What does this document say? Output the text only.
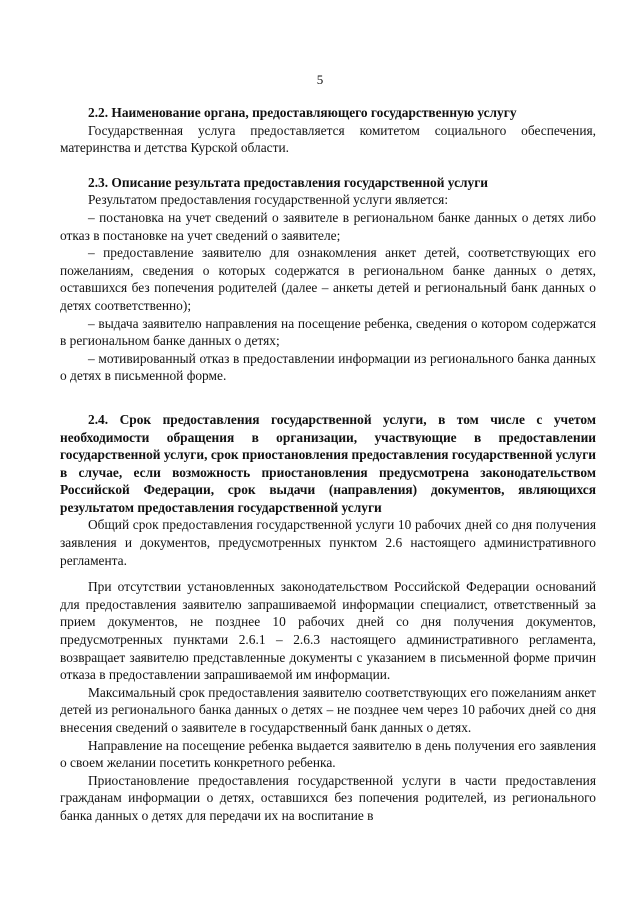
5
2.2. Наименование органа, предоставляющего государственную услугу

Государственная услуга предоставляется комитетом социального обеспечения, материнства и детства Курской области.

2.3. Описание результата предоставления государственной услуги

Результатом предоставления государственной услуги является:

– постановка на учет сведений о заявителе в региональном банке данных о детях либо отказ в постановке на учет сведений о заявителе;

– предоставление заявителю для ознакомления анкет детей, соответствующих его пожеланиям, сведения о которых содержатся в региональном банке данных о детях, оставшихся без попечения родителей (далее – анкеты детей и региональный банк данных о детях соответственно);

– выдача заявителю направления на посещение ребенка, сведения о котором содержатся в региональном банке данных о детях;

– мотивированный отказ в предоставлении информации из регионального банка данных о детях в письменной форме.

2.4. Срок предоставления государственной услуги, в том числе с учетом необходимости обращения в организации, участвующие в предоставлении государственной услуги, срок приостановления предоставления государственной услуги в случае, если возможность приостановления предусмотрена законодательством Российской Федерации, срок выдачи (направления) документов, являющихся результатом предоставления государственной услуги

Общий срок предоставления государственной услуги 10 рабочих дней со дня получения заявления и документов, предусмотренных пунктом 2.6 настоящего административного регламента.

При отсутствии установленных законодательством Российской Федерации оснований для предоставления заявителю запрашиваемой информации специалист, ответственный за прием документов, не позднее 10 рабочих дней со дня получения документов, предусмотренных пунктами 2.6.1 – 2.6.3 настоящего административного регламента, возвращает заявителю представленные документы с указанием в письменной форме причин отказа в предоставлении запрашиваемой им информации.

Максимальный срок предоставления заявителю соответствующих его пожеланиям анкет детей из регионального банка данных о детях – не позднее чем через 10 рабочих дней со дня внесения сведений о заявителе в государственный банк данных о детях.

Направление на посещение ребенка выдается заявителю в день получения его заявления о своем желании посетить конкретного ребенка.

Приостановление предоставления государственной услуги в части предоставления гражданам информации о детях, оставшихся без попечения родителей, из регионального банка данных о детях для передачи их на воспитание в
